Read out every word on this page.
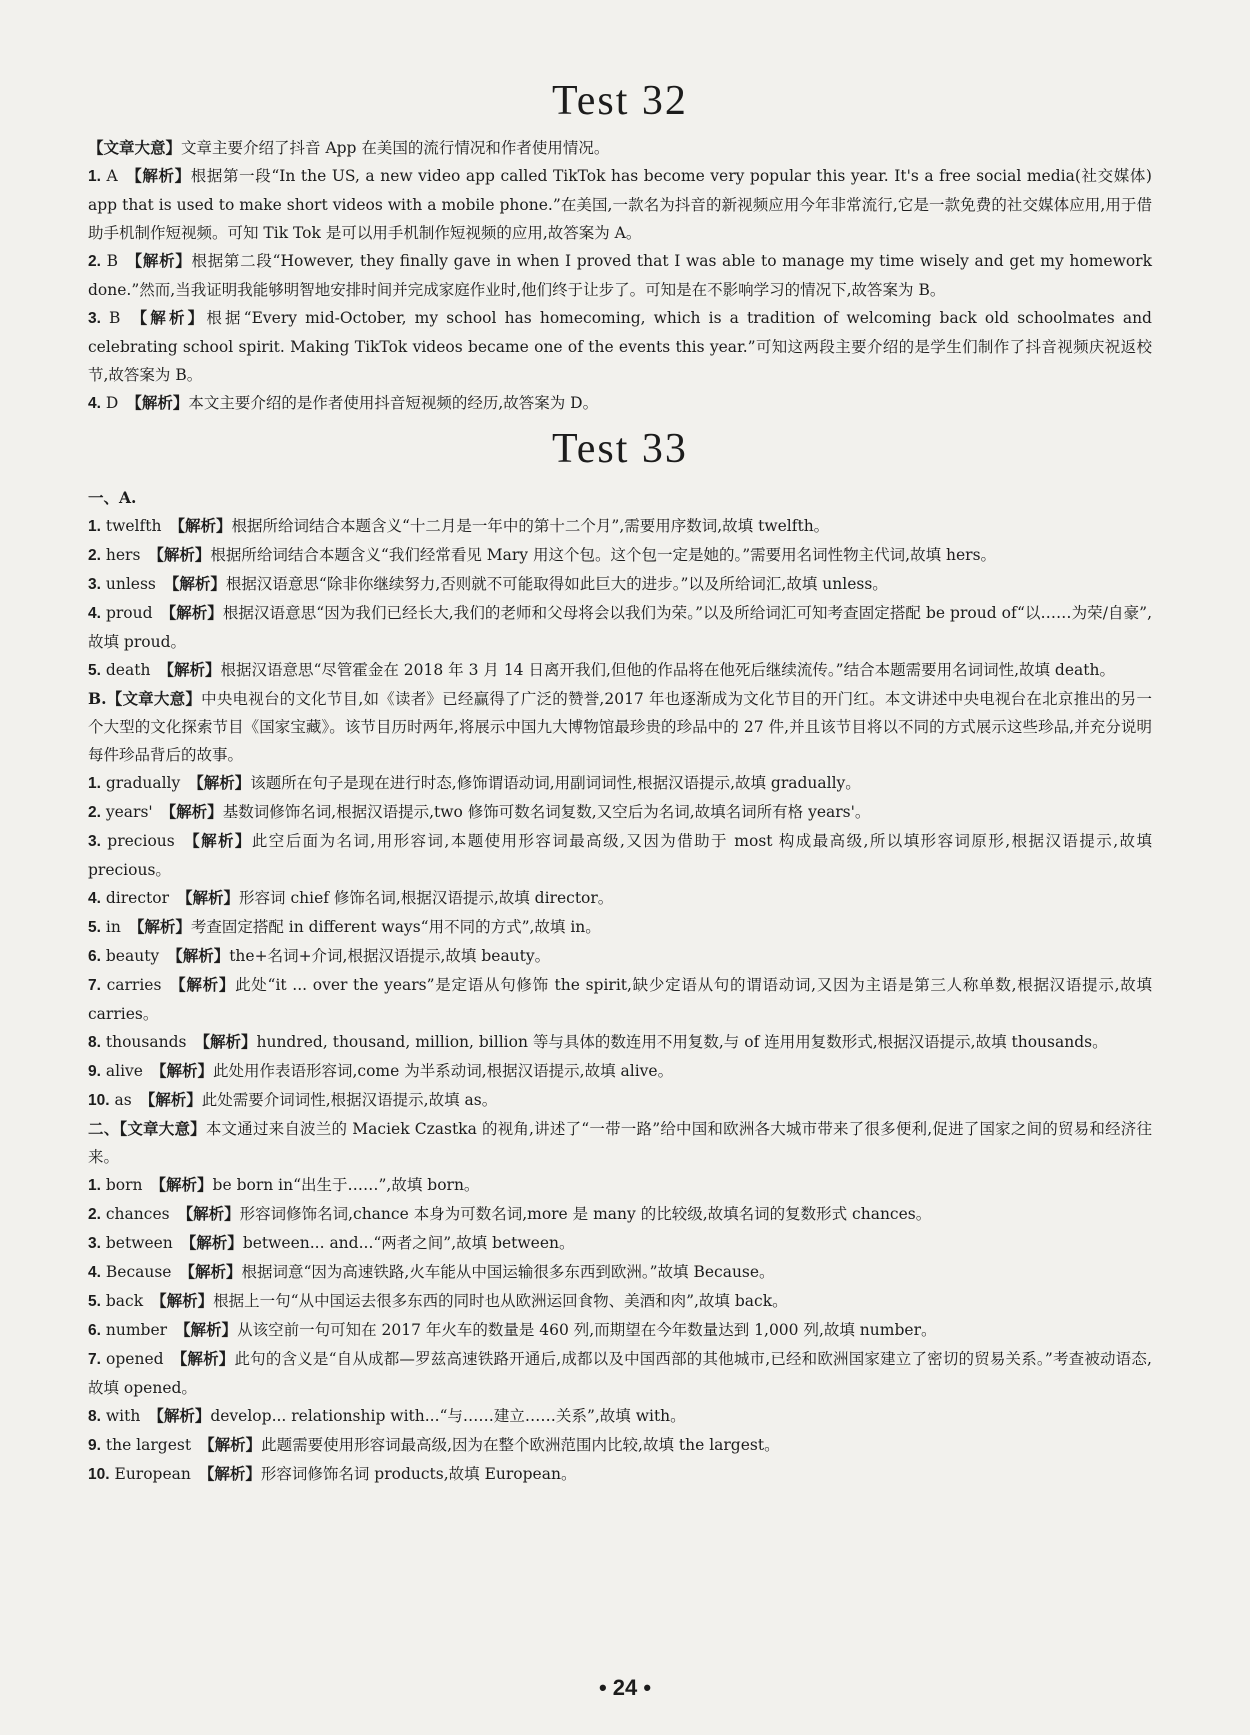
Test 32

【文章大意】文章主要介绍了抖音 App 在美国的流行情况和作者使用情况。

1. A 【解析】根据第一段“In the US, a new video app called TikTok has become very popular this year. It's a free social media(社交媒体) app that is used to make short videos with a mobile phone.”在美国,一款名为抖音的新视频应用今年非常流行,它是一款免费的社交媒体应用,用于借助手机制作短视频。可知 Tik Tok 是可以用手机制作短视频的应用,故答案为 A。

2. B 【解析】根据第二段“However, they finally gave in when I proved that I was able to manage my time wisely and get my homework done.”然而,当我证明我能够明智地安排时间并完成家庭作业时,他们终于让步了。可知是在不影响学习的情况下,故答案为 B。

3. B 【解析】根据“Every mid-October, my school has homecoming, which is a tradition of welcoming back old schoolmates and celebrating school spirit. Making TikTok videos became one of the events this year.”可知这两段主要介绍的是学生们制作了抖音视频庆祝返校节,故答案为 B。

4. D 【解析】本文主要介绍的是作者使用抖音短视频的经历,故答案为 D。

Test 33

一、A.

1. twelfth 【解析】根据所给词结合本题含义“十二月是一年中的第十二个月”,需要用序数词,故填 twelfth。

2. hers 【解析】根据所给词结合本题含义“我们经常看见 Mary 用这个包。这个包一定是她的。”需要用名词性物主代词,故填 hers。

3. unless 【解析】根据汉语意思“除非你继续努力,否则就不可能取得如此巨大的进步。”以及所给词汇,故填 unless。

4. proud 【解析】根据汉语意思“因为我们已经长大,我们的老师和父母将会以我们为荣。”以及所给词汇可知考查固定搭配 be proud of“以……为荣/自豪”,故填 proud。

5. death 【解析】根据汉语意思“尽管霍金在 2018 年 3 月 14 日离开我们,但他的作品将在他死后继续流传。”结合本题需要用名词词性,故填 death。

B.【文章大意】中央电视台的文化节目,如《读者》已经赢得了广泛的赞誉,2017 年也逐渐成为文化节目的开门红。本文讲述中央电视台在北京推出的另一个大型的文化探索节目《国家宝藏》。该节目历时两年,将展示中国九大博物馆最珍贵的珍品中的 27 件,并且该节目将以不同的方式展示这些珍品,并充分说明每件珍品背后的故事。

1. gradually 【解析】该题所在句子是现在进行时态,修饰谓语动词,用副词词性,根据汉语提示,故填 gradually。

2. years' 【解析】基数词修饰名词,根据汉语提示,two 修饰可数名词复数,又空后为名词,故填名词所有格 years'。

3. precious 【解析】此空后面为名词,用形容词,本题使用形容词最高级,又因为借助于 most 构成最高级,所以填形容词原形,根据汉语提示,故填 precious。

4. director 【解析】形容词 chief 修饰名词,根据汉语提示,故填 director。

5. in 【解析】考查固定搭配 in different ways“用不同的方式”,故填 in。

6. beauty 【解析】the+名词+介词,根据汉语提示,故填 beauty。

7. carries 【解析】此处“it ... over the years”是定语从句修饰 the spirit,缺少定语从句的谓语动词,又因为主语是第三人称单数,根据汉语提示,故填 carries。

8. thousands 【解析】hundred, thousand, million, billion 等与具体的数连用不用复数,与 of 连用用复数形式,根据汉语提示,故填 thousands。

9. alive 【解析】此处用作表语形容词,come 为半系动词,根据汉语提示,故填 alive。

10. as 【解析】此处需要介词词性,根据汉语提示,故填 as。

二、【文章大意】本文通过来自波兰的 Maciek Czastka 的视角,讲述了“一带一路”给中国和欧洲各大城市带来了很多便利,促进了国家之间的贸易和经济往来。

1. born 【解析】be born in“出生于……”,故填 born。

2. chances 【解析】形容词修饰名词,chance 本身为可数名词,more 是 many 的比较级,故填名词的复数形式 chances。

3. between 【解析】between... and...“两者之间”,故填 between。

4. Because 【解析】根据词意“因为高速铁路,火车能从中国运输很多东西到欧洲。”故填 Because。

5. back 【解析】根据上一句“从中国运去很多东西的同时也从欧洲运回食物、美酒和肉”,故填 back。

6. number 【解析】从该空前一句可知在 2017 年火车的数量是 460 列,而期望在今年数量达到 1,000 列,故填 number。

7. opened 【解析】此句的含义是“自从成都—罗兹高速铁路开通后,成都以及中国西部的其他城市,已经和欧洲国家建立了密切的贸易关系。”考查被动语态,故填 opened。

8. with 【解析】develop... relationship with...“与……建立……关系”,故填 with。

9. the largest 【解析】此题需要使用形容词最高级,因为在整个欧洲范围内比较,故填 the largest。

10. European 【解析】形容词修饰名词 products,故填 European。

• 24 •
